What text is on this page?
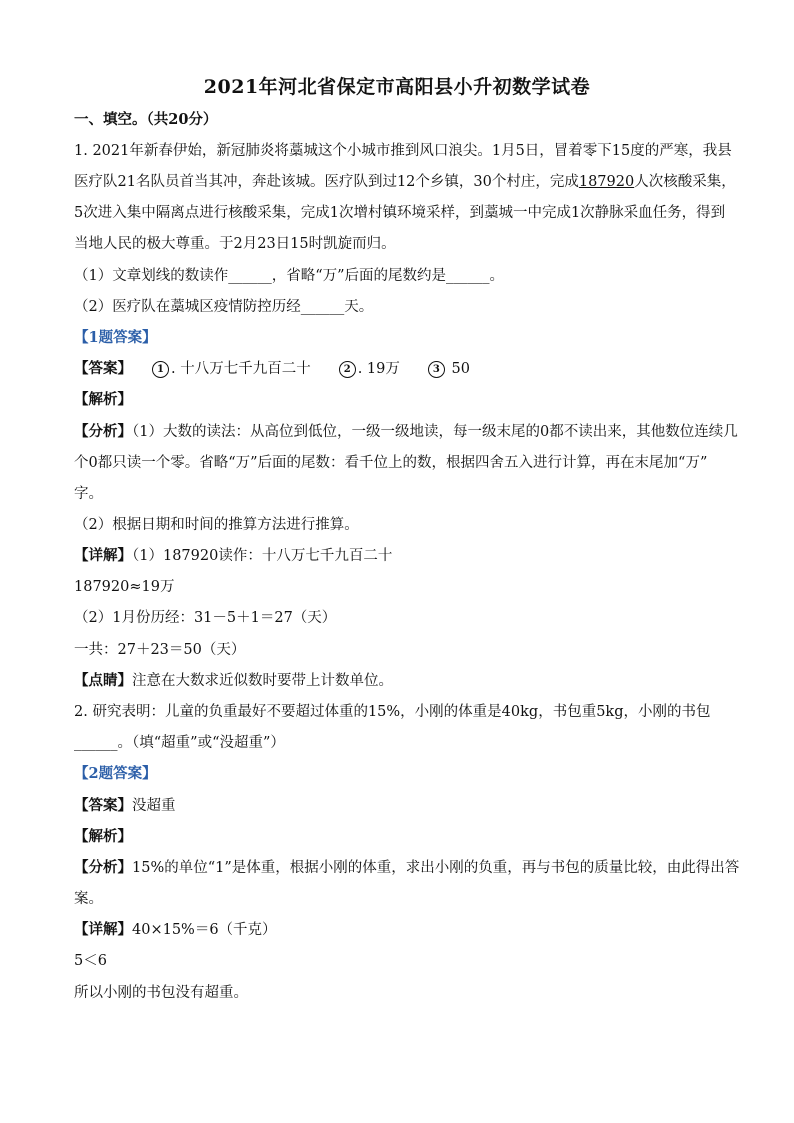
2021年河北省保定市高阳县小升初数学试卷
一、填空。（共20分）
1. 2021年新春伊始，新冠肺炎将藁城这个小城市推到风口浪尖。1月5日，冒着零下15度的严寒，我县
医疗队21名队员首当其冲，奔赴该城。医疗队到过12个乡镇，30个村庄，完成187920人次核酸采集，
5次进入集中隔离点进行核酸采集，完成1次增村镇环境采样，到藁城一中完成1次静脉采血任务，得到
当地人民的极大尊重。于2月23日15时凯旋而归。
（1）文章划线的数读作______，省略“万”后面的尾数约是______。
（2）医疗队在藁城区疫情防控历经______天。
【1题答案】
【答案】	1 . 十八万七千九百二十	2 . 19万	3 50
【解析】
【分析】（1）大数的读法：从高位到低位，一级一级地读，每一级末尾的0都不读出来，其他数位连续几
个0都只读一个零。省略“万”后面的尾数：看千位上的数，根据四舍五入进行计算，再在末尾加“万”
字。
（2）根据日期和时间的推算方法进行推算。
【详解】（1）187920读作：十八万七千九百二十
187920≈19万
（2）1月份历经：31－5＋1＝27（天）
一共：27＋23＝50（天）
【点睛】注意在大数求近似数时要带上计数单位。
2. 研究表明：儿童的负重最好不要超过体重的15%，小刚的体重是40kg，书包重5kg，小刚的书包
______。（填“超重”或“没超重”）
【2题答案】
【答案】没超重
【解析】
【分析】15%的单位“1”是体重，根据小刚的体重，求出小刚的负重，再与书包的质量比较，由此得出答
案。
【详解】40×15%＝6（千克）
5＜6
所以小刚的书包没有超重。
